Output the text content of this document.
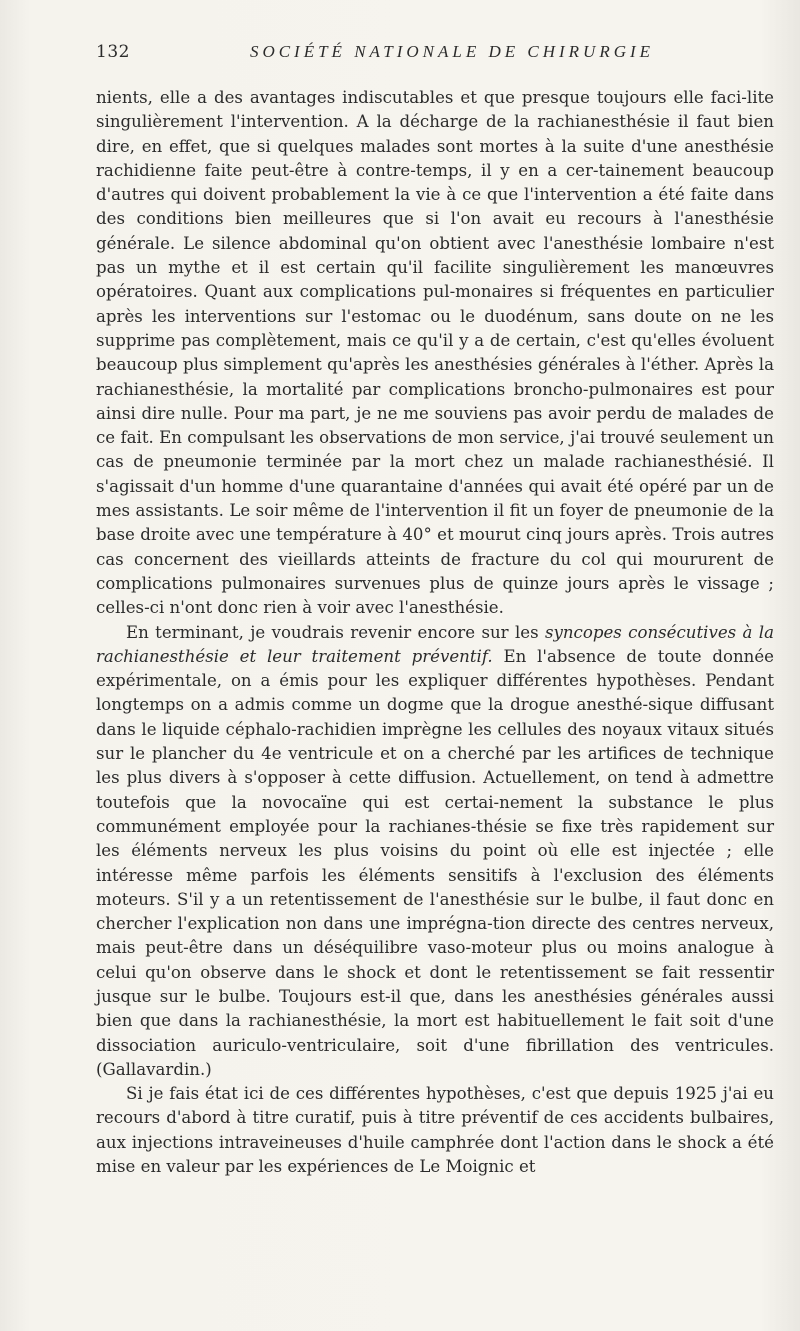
132	SOCIÉTÉ NATIONALE DE CHIRURGIE

nients, elle a des avantages indiscutables et que presque toujours elle faci-lite singulièrement l'intervention. A la décharge de la rachianesthésie il faut bien dire, en effet, que si quelques malades sont mortes à la suite d'une anesthésie rachidienne faite peut-être à contre-temps, il y en a cer-tainement beaucoup d'autres qui doivent probablement la vie à ce que l'intervention a été faite dans des conditions bien meilleures que si l'on avait eu recours à l'anesthésie générale. Le silence abdominal qu'on obtient avec l'anesthésie lombaire n'est pas un mythe et il est certain qu'il facilite singulièrement les manœuvres opératoires. Quant aux complications pul-monaires si fréquentes en particulier après les interventions sur l'estomac ou le duodénum, sans doute on ne les supprime pas complètement, mais ce qu'il y a de certain, c'est qu'elles évoluent beaucoup plus simplement qu'après les anesthésies générales à l'éther. Après la rachianesthésie, la mortalité par complications broncho-pulmonaires est pour ainsi dire nulle. Pour ma part, je ne me souviens pas avoir perdu de malades de ce fait. En compulsant les observations de mon service, j'ai trouvé seulement un cas de pneumonie terminée par la mort chez un malade rachianesthésié. Il s'agissait d'un homme d'une quarantaine d'années qui avait été opéré par un de mes assistants. Le soir même de l'intervention il fit un foyer de pneumonie de la base droite avec une température à 40° et mourut cinq jours après. Trois autres cas concernent des vieillards atteints de fracture du col qui moururent de complications pulmonaires survenues plus de quinze jours après le vissage ; celles-ci n'ont donc rien à voir avec l'anesthésie.

En terminant, je voudrais revenir encore sur les syncopes consécutives à la rachianesthésie et leur traitement préventif. En l'absence de toute donnée expérimentale, on a émis pour les expliquer différentes hypothèses. Pendant longtemps on a admis comme un dogme que la drogue anesthé-sique diffusant dans le liquide céphalo-rachidien imprègne les cellules des noyaux vitaux situés sur le plancher du 4e ventricule et on a cherché par les artifices de technique les plus divers à s'opposer à cette diffusion. Actuellement, on tend à admettre toutefois que la novocaïne qui est certai-nement la substance le plus communément employée pour la rachianes-thésie se fixe très rapidement sur les éléments nerveux les plus voisins du point où elle est injectée ; elle intéresse même parfois les éléments sensitifs à l'exclusion des éléments moteurs. S'il y a un retentissement de l'anesthésie sur le bulbe, il faut donc en chercher l'explication non dans une imprégna-tion directe des centres nerveux, mais peut-être dans un déséquilibre vaso-moteur plus ou moins analogue à celui qu'on observe dans le shock et dont le retentissement se fait ressentir jusque sur le bulbe. Toujours est-il que, dans les anesthésies générales aussi bien que dans la rachianesthésie, la mort est habituellement le fait soit d'une dissociation auriculo-ventriculaire, soit d'une fibrillation des ventricules. (Gallavardin.)

Si je fais état ici de ces différentes hypothèses, c'est que depuis 1925 j'ai eu recours d'abord à titre curatif, puis à titre préventif de ces accidents bulbaires, aux injections intraveineuses d'huile camphrée dont l'action dans le shock a été mise en valeur par les expériences de Le Moignic et
